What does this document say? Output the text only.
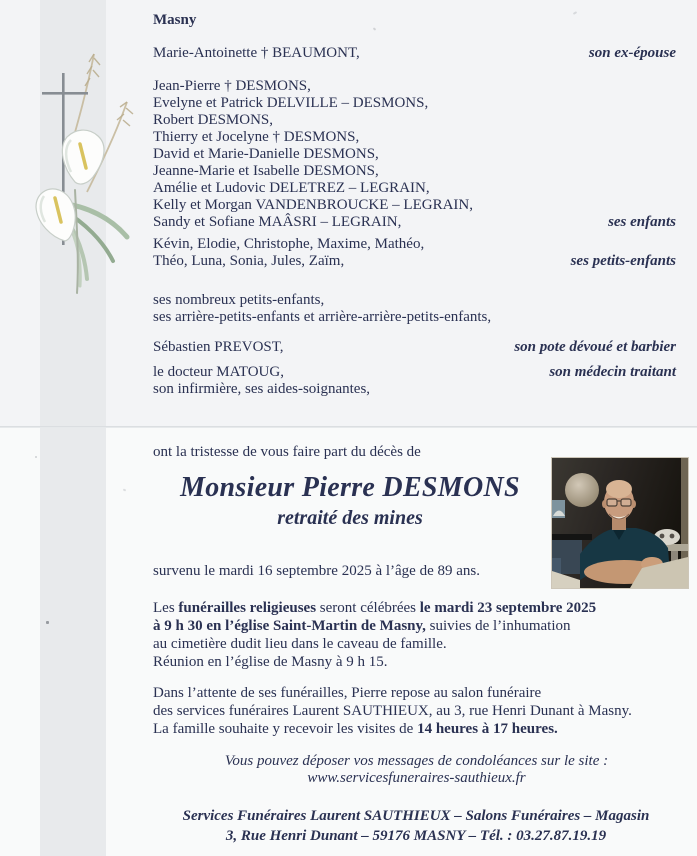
Masny
Marie-Antoinette † BEAUMONT,	son ex-épouse
Jean-Pierre † DESMONS,
Evelyne et Patrick DELVILLE – DESMONS,
Robert DESMONS,
Thierry et Jocelyne † DESMONS,
David et Marie-Danielle DESMONS,
Jeanne-Marie et Isabelle DESMONS,
Amélie et Ludovic DELETREZ – LEGRAIN,
Kelly et Morgan VANDENBROUCKE – LEGRAIN,
Sandy et Sofiane MAÂSRI – LEGRAIN,	ses enfants
Kévin, Elodie, Christophe, Maxime, Mathéo,
Théo, Luna, Sonia, Jules, Zaïm,	ses petits-enfants
ses nombreux petits-enfants,
ses arrière-petits-enfants et arrière-arrière-petits-enfants,
Sébastien PREVOST,	son pote dévoué et barbier
le docteur MATOUG,	son médecin traitant
son infirmière, ses aides-soignantes,
ont la tristesse de vous faire part du décès de
Monsieur Pierre DESMONS
retraité des mines
survenu le mardi 16 septembre 2025 à l’âge de 89 ans.
Les funérailles religieuses seront célébrées le mardi 23 septembre 2025
à 9 h 30 en l’église Saint-Martin de Masny, suivies de l’inhumation
au cimetière dudit lieu dans le caveau de famille.
Réunion en l’église de Masny à 9 h 15.
Dans l’attente de ses funérailles, Pierre repose au salon funéraire
des services funéraires Laurent SAUTHIEUX, au 3, rue Henri Dunant à Masny.
La famille souhaite y recevoir les visites de 14 heures à 17 heures.
Vous pouvez déposer vos messages de condoléances sur le site :
www.servicesfuneraires-sauthieux.fr
Services Funéraires Laurent SAUTHIEUX – Salons Funéraires – Magasin
3, Rue Henri Dunant – 59176 MASNY – Tél. : 03.27.87.19.19
